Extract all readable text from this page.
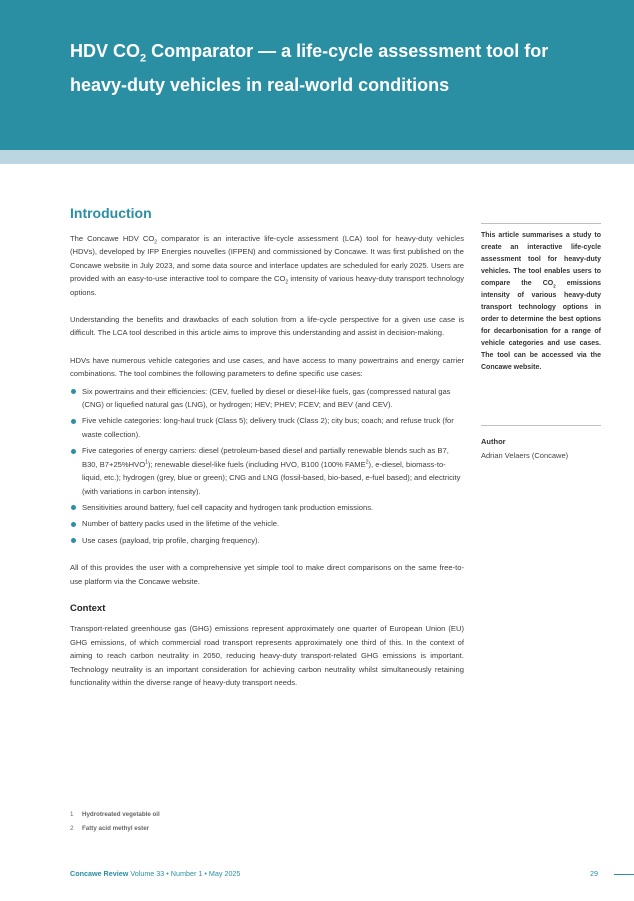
HDV $CO_2$ Comparator — a life-cycle assessment tool for heavy-duty vehicles in real-world conditions
Introduction

The Concawe HDV $CO_2$ comparator is an interactive life-cycle assessment (LCA) tool for heavy-duty vehicles (HDVs), developed by IFP Energies nouvelles (IFPEN) and commissioned by Concawe. It was first published on the Concawe website in July 2023, and some data source and interface updates are scheduled for early 2025. Users are provided with an easy-to-use interactive tool to compare the $CO_2$ intensity of various heavy-duty transport technology options.

Understanding the benefits and drawbacks of each solution from a life-cycle perspective for a given use case is difficult. The LCA tool described in this article aims to improve this understanding and assist in decision-making.

HDVs have numerous vehicle categories and use cases, and have access to many powertrains and energy carrier combinations. The tool combines the following parameters to define specific use cases:

Six powertrains and their efficiencies: (CEV, fuelled by diesel or diesel-like fuels, gas (compressed natural gas (CNG) or liquefied natural gas (LNG), or hydrogen; HEV; PHEV; FCEV; and BEV (and CEV).
Five vehicle categories: long-haul truck (Class 5); delivery truck (Class 2); city bus; coach; and refuse truck (for waste collection).
Five categories of energy carriers: diesel (petroleum-based diesel and partially renewable blends such as B7, B30, $B7+25\%HVO^1$); renewable diesel-like fuels (including HVO, B100 (100% FAME$^2$), e-diesel, biomass-to-liquid, etc.); hydrogen (grey, blue or green); CNG and LNG (fossil-based, bio-based, e-fuel based); and electricity (with variations in carbon intensity).
Sensitivities around battery, fuel cell capacity and hydrogen tank production emissions.
Number of battery packs used in the lifetime of the vehicle.
Use cases (payload, trip profile, charging frequency).

All of this provides the user with a comprehensive yet simple tool to make direct comparisons on the same free-to-use platform via the Concawe website.

Context

Transport-related greenhouse gas (GHG) emissions represent approximately one quarter of European Union (EU) GHG emissions, of which commercial road transport represents approximately one third of this. In the context of aiming to reach carbon neutrality in 2050, reducing heavy-duty transport-related GHG emissions is important. Technology neutrality is an important consideration for achieving carbon neutrality whilst simultaneously retaining functionality within the diverse range of heavy-duty transport needs.

This article summarises a study to create an interactive life-cycle assessment tool for heavy-duty vehicles. The tool enables users to compare the $CO_2$ emissions intensity of various heavy-duty transport technology options in order to determine the best options for decarbonisation for a range of vehicle categories and use cases. The tool can be accessed via the Concawe website.

Author
Adrian Velaers (Concawe)
1 Hydrotreated vegetable oil
2 Fatty acid methyl ester
Concawe Review Volume 33 • Number 1 • May 2025	29
